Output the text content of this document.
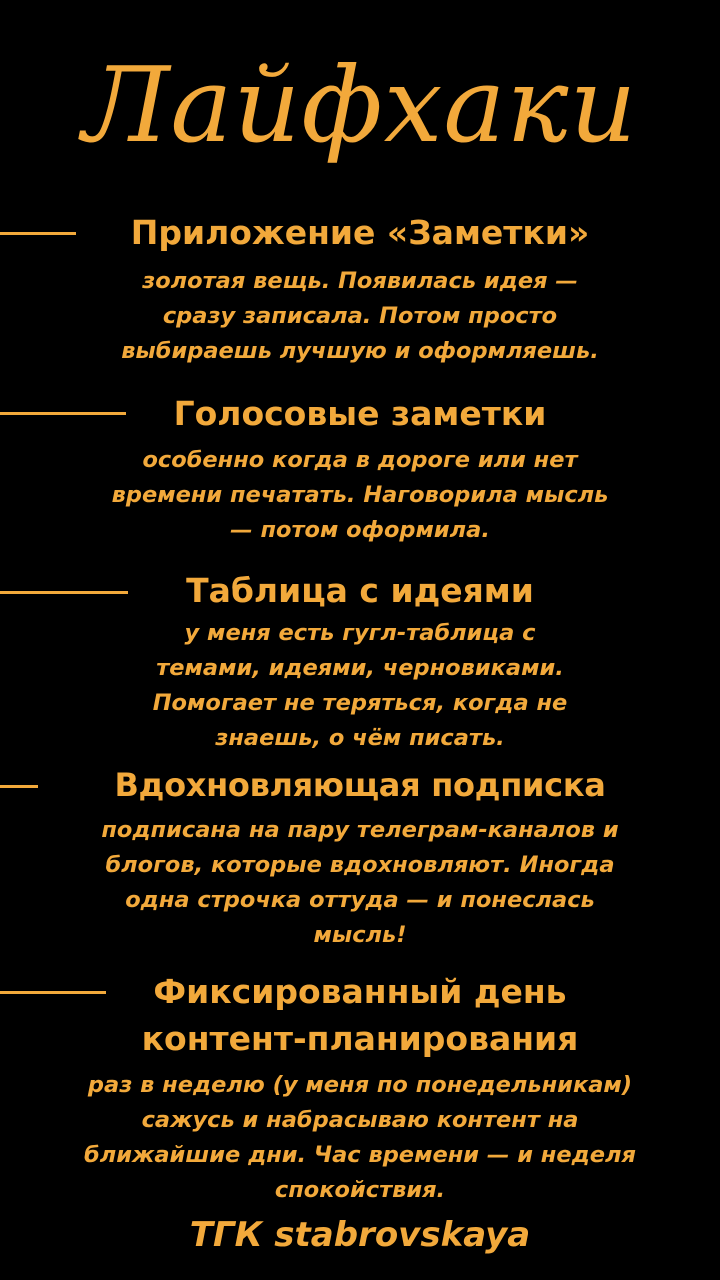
Лайфхаки
Приложение «Заметки»
золотая вещь. Появилась идея —
сразу записала. Потом просто
выбираешь лучшую и оформляешь.
Голосовые заметки
особенно когда в дороге или нет
времени печатать. Наговорила мысль
— потом оформила.
Таблица с идеями
у меня есть гугл-таблица с
темами, идеями, черновиками.
Помогает не теряться, когда не
знаешь, о чём писать.
Вдохновляющая подписка
подписана на пару телеграм-каналов и
блогов, которые вдохновляют. Иногда
одна строчка оттуда — и понеслась
мысль!
Фиксированный день
контент-планирования
раз в неделю (у меня по понедельникам)
сажусь и набрасываю контент на
ближайшие дни. Час времени — и неделя
спокойствия.
ТГК stabrovskaya
